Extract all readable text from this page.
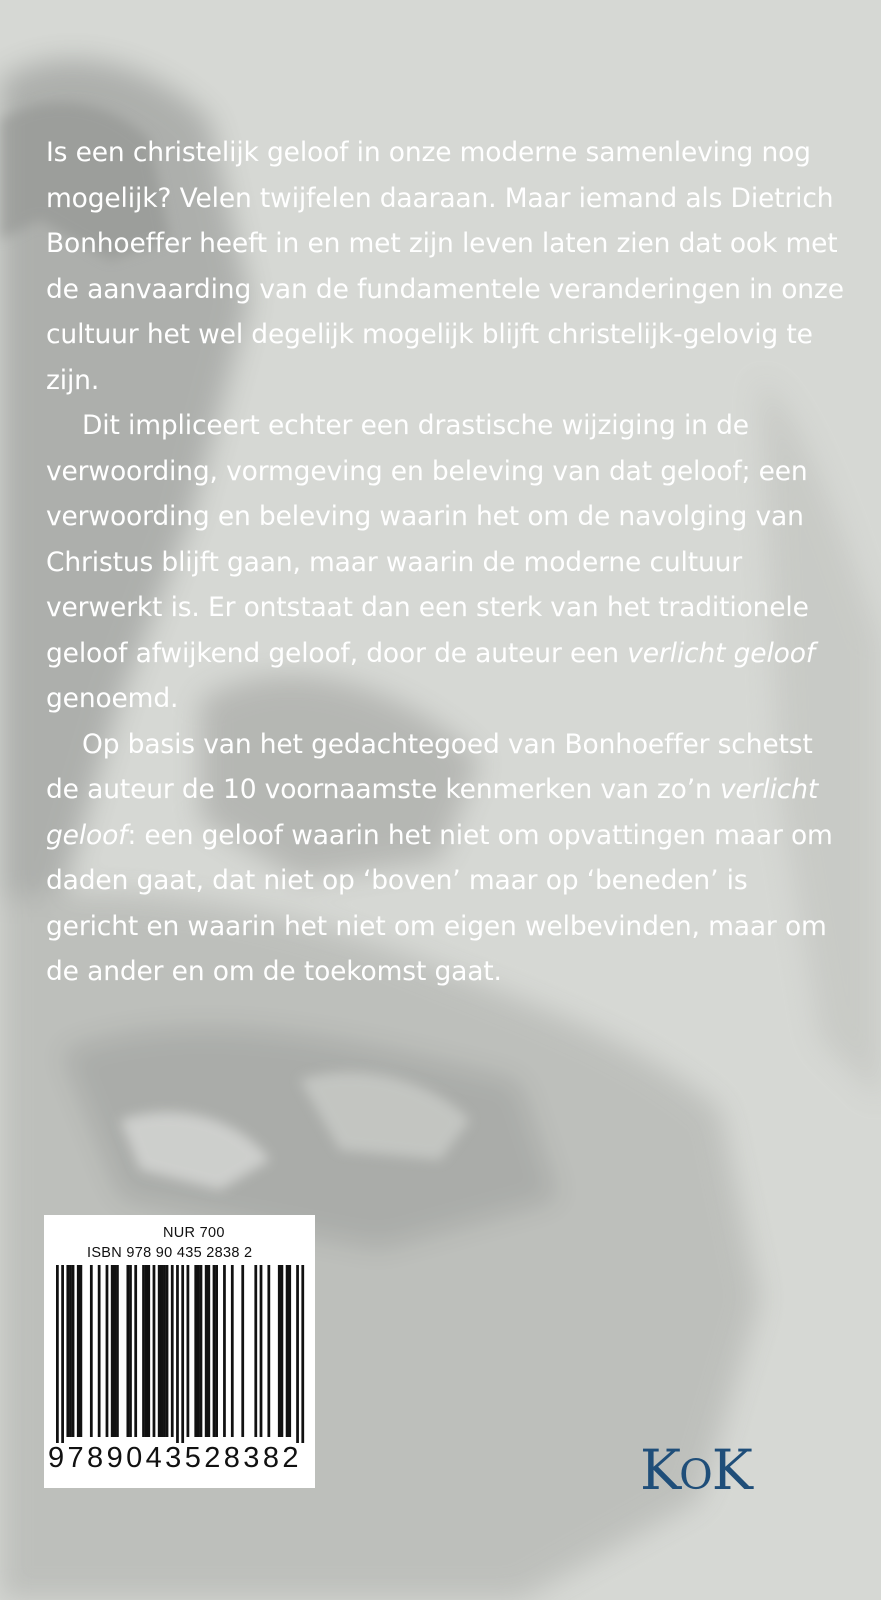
Is een christelijk geloof in onze moderne samenleving nog mogelijk? Velen twijfelen daaraan. Maar iemand als Dietrich Bonhoeffer heeft in en met zijn leven laten zien dat ook met de aanvaarding van de fundamentele veranderingen in onze cultuur het wel degelijk mogelijk blijft christelijk-gelovig te zijn.

Dit impliceert echter een drastische wijziging in de verwoording, vormgeving en beleving van dat geloof; een verwoording en beleving waarin het om de navolging van Christus blijft gaan, maar waarin de moderne cultuur verwerkt is. Er ontstaat dan een sterk van het traditionele geloof afwijkend geloof, door de auteur een verlicht geloof genoemd.

Op basis van het gedachtegoed van Bonhoeffer schetst de auteur de 10 voornaamste kenmerken van zo’n verlicht geloof: een geloof waarin het niet om opvattingen maar om daden gaat, dat niet op ‘boven’ maar op ‘beneden’ is gericht en waarin het niet om eigen welbevinden, maar om de ander en om de toekomst gaat.

NUR 700
ISBN 978 90 435 2838 2
9789043528382	KOK
